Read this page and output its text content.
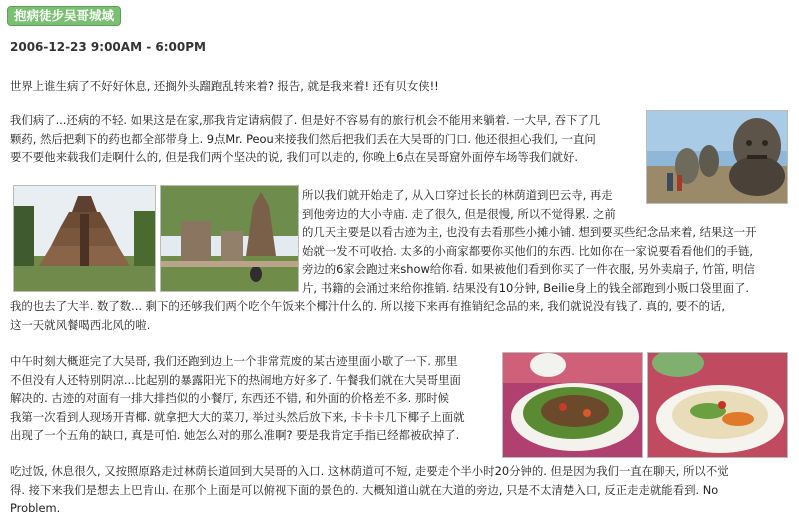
抱病徒步吴哥城域
2006-12-23 9:00AM - 6:00PM
世界上谁生病了不好好休息, 还搁外头蹓跑乱转来着? 报告, 就是我来着! 还有贝女侠!!
我们病了...还病的不轻. 如果这是在家,那我肯定请病假了. 但是好不容易有的旅行机会不能用来躺着. 一大早, 吞下了几
颗药, 然后把剩下的药也都全部带身上. 9点Mr. Peou来接我们然后把我们丢在大吴哥的门口. 他还很担心我们, 一直问
要不要他来载我们走啊什么的, 但是我们两个坚决的说, 我们可以走的, 你晚上6点在吴哥窟外面停车场等我们就好.
所以我们就开始走了, 从入口穿过长长的林荫道到巴云寺, 再走
到他旁边的大小寺庙. 走了很久, 但是很慢, 所以不觉得累. 之前
的几天主要是以看古迹为主, 也没有去看那些小摊小铺. 想到要买些纪念品来着, 结果这一开
始就一发不可收拾. 太多的小商家都要你买他们的东西. 比如你在一家说要看看他们的手链,
旁边的6家会跑过来show给你看. 如果被他们看到你买了一件衣服, 另外卖扇子, 竹笛, 明信
片, 书籍的会涌过来给你推销. 结果没有10分钟, Beilie身上的钱全部跑到小贩口袋里面了.
我的也去了大半. 数了数... 剩下的还够我们两个吃个午饭来个椰汁什么的. 所以接下来再有推销纪念品的来, 我们就说没有钱了. 真的, 要不的话,
这一天就风餐喝西北风的啦.
中午时刻大概逛完了大吴哥, 我们还跑到边上一个非常荒废的某古迹里面小歇了一下. 那里
不但没有人还特别阴凉...比起别的暴露阳光下的热闹地方好多了. 午餐我们就在大吴哥里面
解决的. 古迹的对面有一排大排挡似的小餐厅, 东西还不错, 和外面的价格差不多. 那时候
我第一次看到人现场开青椰. 就拿把大大的菜刀, 举过头然后放下来, 卡卡卡几下椰子上面就
出现了一个五角的缺口, 真是可怕. 她怎么对的那么准啊? 要是我肯定手指已经都被砍掉了.
吃过饭, 休息很久, 又按照原路走过林荫长道回到大吴哥的入口. 这林荫道可不短, 走要走个半小时20分钟的. 但是因为我们一直在聊天, 所以不觉
得. 接下来我们是想去上巴肯山. 在那个上面是可以俯视下面的景色的. 大概知道山就在大道的旁边, 只是不太清楚入口, 反正走走就能看到. No
Problem.
